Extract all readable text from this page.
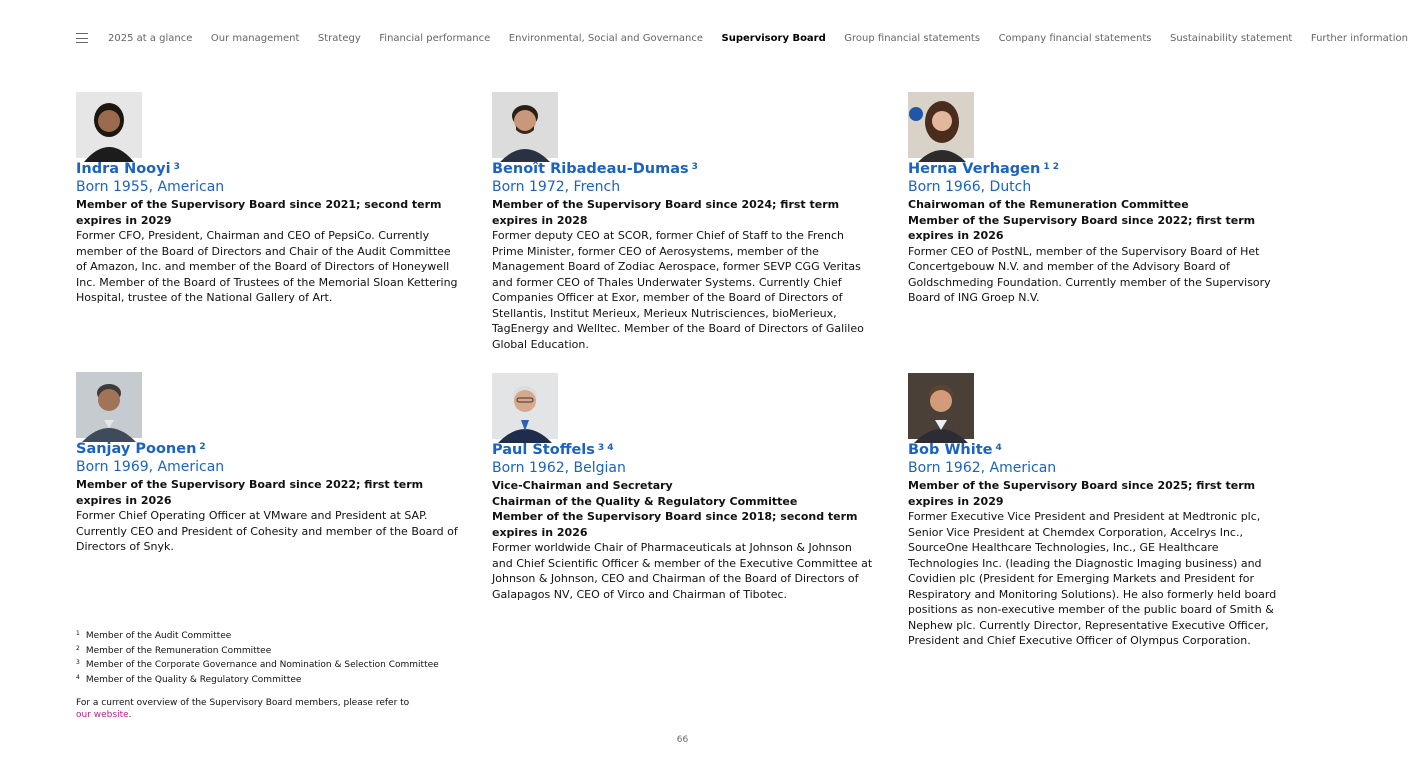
2025 at a glance Our management Strategy Financial performance Environmental, Social and Governance Supervisory Board Group financial statements Company financial statements Sustainability statement Further information
Indra Nooyi $^3$
Born 1955, American
Member of the Supervisory Board since 2021; second term expires in 2029

Former CFO, President, Chairman and CEO of PepsiCo. Currently member of the Board of Directors and Chair of the Audit Committee of Amazon, Inc. and member of the Board of Directors of Honeywell Inc. Member of the Board of Trustees of the Memorial Sloan Kettering Hospital, trustee of the National Gallery of Art.

Benoît Ribadeau-Dumas $^3$
Born 1972, French
Member of the Supervisory Board since 2024; first term expires in 2028

Former deputy CEO at SCOR, former Chief of Staff to the French Prime Minister, former CEO of Aerosystems, member of the Management Board of Zodiac Aerospace, former SEVP CGG Veritas and former CEO of Thales Underwater Systems. Currently Chief Companies Officer at Exor, member of the Board of Directors of Stellantis, Institut Merieux, Merieux Nutrisciences, bioMerieux, TagEnergy and Welltec. Member of the Board of Directors of Galileo Global Education.

Herna Verhagen $^{1 2}$
Born 1966, Dutch
Chairwoman of the Remuneration Committee
Member of the Supervisory Board since 2022; first term expires in 2026

Former CEO of PostNL, member of the Supervisory Board of Het Concertgebouw N.V. and member of the Advisory Board of Goldschmeding Foundation. Currently member of the Supervisory Board of ING Groep N.V.

Sanjay Poonen $^2$
Born 1969, American
Member of the Supervisory Board since 2022; first term expires in 2026

Former Chief Operating Officer at VMware and President at SAP. Currently CEO and President of Cohesity and member of the Board of Directors of Snyk.

Paul Stoffels $^{3 4}$
Born 1962, Belgian
Vice-Chairman and Secretary
Chairman of the Quality & Regulatory Committee
Member of the Supervisory Board since 2018; second term expires in 2026

Former worldwide Chair of Pharmaceuticals at Johnson & Johnson and Chief Scientific Officer & member of the Executive Committee at Johnson & Johnson, CEO and Chairman of the Board of Directors of Galapagos NV, CEO of Virco and Chairman of Tibotec.

Bob White $^4$
Born 1962, American
Member of the Supervisory Board since 2025; first term expires in 2029

Former Executive Vice President and President at Medtronic plc, Senior Vice President at Chemdex Corporation, Accelrys Inc., SourceOne Healthcare Technologies, Inc., GE Healthcare Technologies Inc. (leading the Diagnostic Imaging business) and Covidien plc (President for Emerging Markets and President for Respiratory and Monitoring Solutions). He also formerly held board positions as non-executive member of the public board of Smith & Nephew plc. Currently Director, Representative Executive Officer, President and Chief Executive Officer of Olympus Corporation.

$^1$ Member of the Audit Committee
$^2$ Member of the Remuneration Committee
$^3$ Member of the Corporate Governance and Nomination & Selection Committee
$^4$ Member of the Quality & Regulatory Committee
For a current overview of the Supervisory Board members, please refer to
our website.
66
